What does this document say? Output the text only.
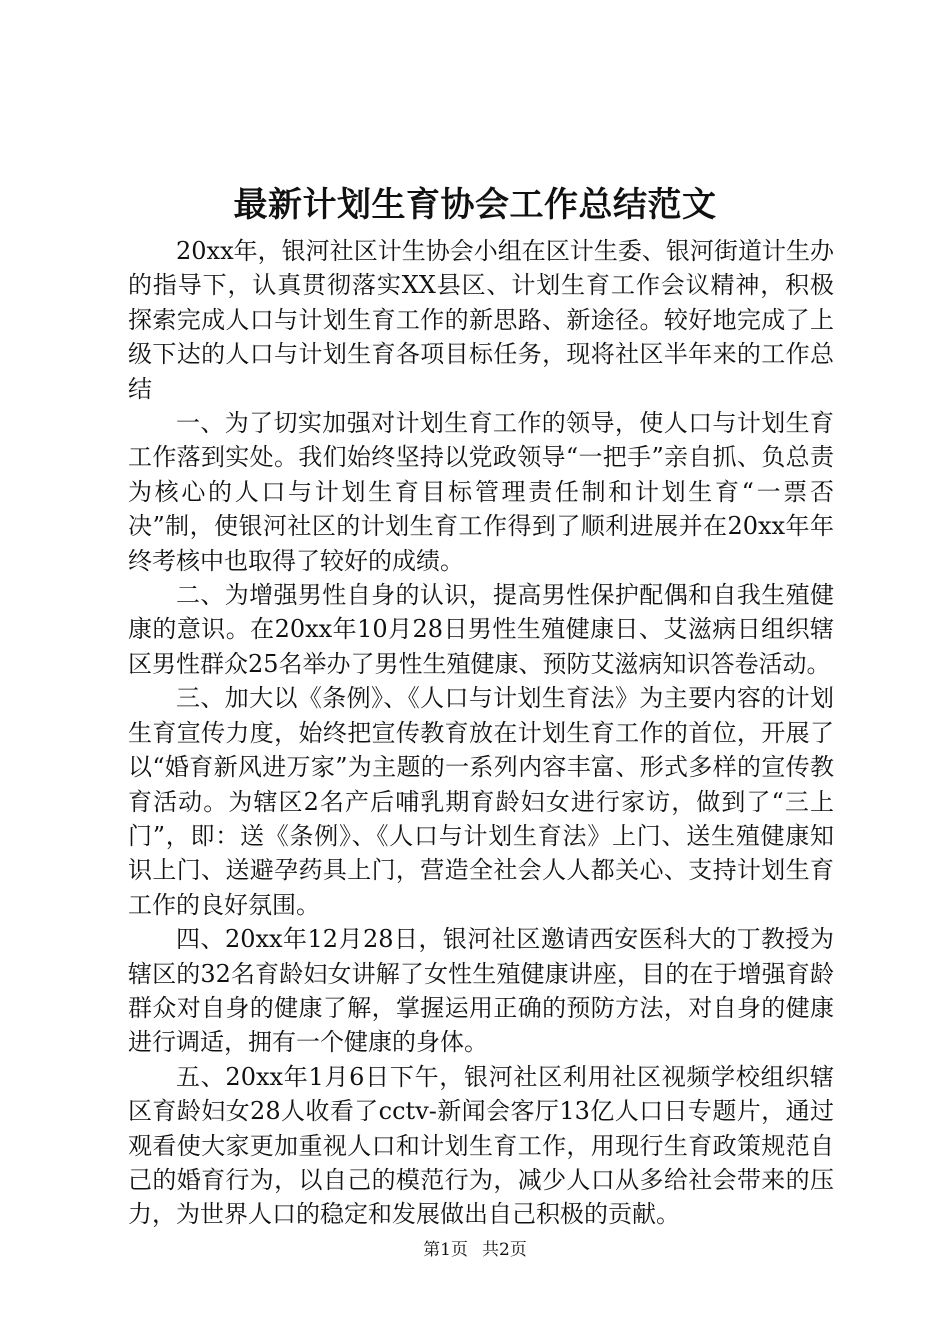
最新计划生育协会工作总结范文

20xx年，银河社区计生协会小组在区计生委、银河街道计生办的指导下，认真贯彻落实XX县区、计划生育工作会议精神，积极探索完成人口与计划生育工作的新思路、新途径。较好地完成了上级下达的人口与计划生育各项目标任务，现将社区半年来的工作总结

一、为了切实加强对计划生育工作的领导，使人口与计划生育工作落到实处。我们始终坚持以党政领导“一把手”亲自抓、负总责为核心的人口与计划生育目标管理责任制和计划生育“一票否决”制，使银河社区的计划生育工作得到了顺利进展并在20xx年年终考核中也取得了较好的成绩。

二、为增强男性自身的认识，提高男性保护配偶和自我生殖健康的意识。在20xx年10月28日男性生殖健康日、艾滋病日组织辖区男性群众25名举办了男性生殖健康、预防艾滋病知识答卷活动。

三、加大以《条例》、《人口与计划生育法》为主要内容的计划生育宣传力度，始终把宣传教育放在计划生育工作的首位，开展了以“婚育新风进万家”为主题的一系列内容丰富、形式多样的宣传教育活动。为辖区2名产后哺乳期育龄妇女进行家访，做到了“三上门”，即：送《条例》、《人口与计划生育法》上门、送生殖健康知识上门、送避孕药具上门，营造全社会人人都关心、支持计划生育工作的良好氛围。

四、20xx年12月28日，银河社区邀请西安医科大的丁教授为辖区的32名育龄妇女讲解了女性生殖健康讲座，目的在于增强育龄群众对自身的健康了解，掌握运用正确的预防方法，对自身的健康进行调适，拥有一个健康的身体。

五、20xx年1月6日下午，银河社区利用社区视频学校组织辖区育龄妇女28人收看了cctv-新闻会客厅13亿人口日专题片，通过观看使大家更加重视人口和计划生育工作，用现行生育政策规范自己的婚育行为，以自己的模范行为，减少人口从多给社会带来的压力，为世界人口的稳定和发展做出自己积极的贡献。

第1页 共2页
